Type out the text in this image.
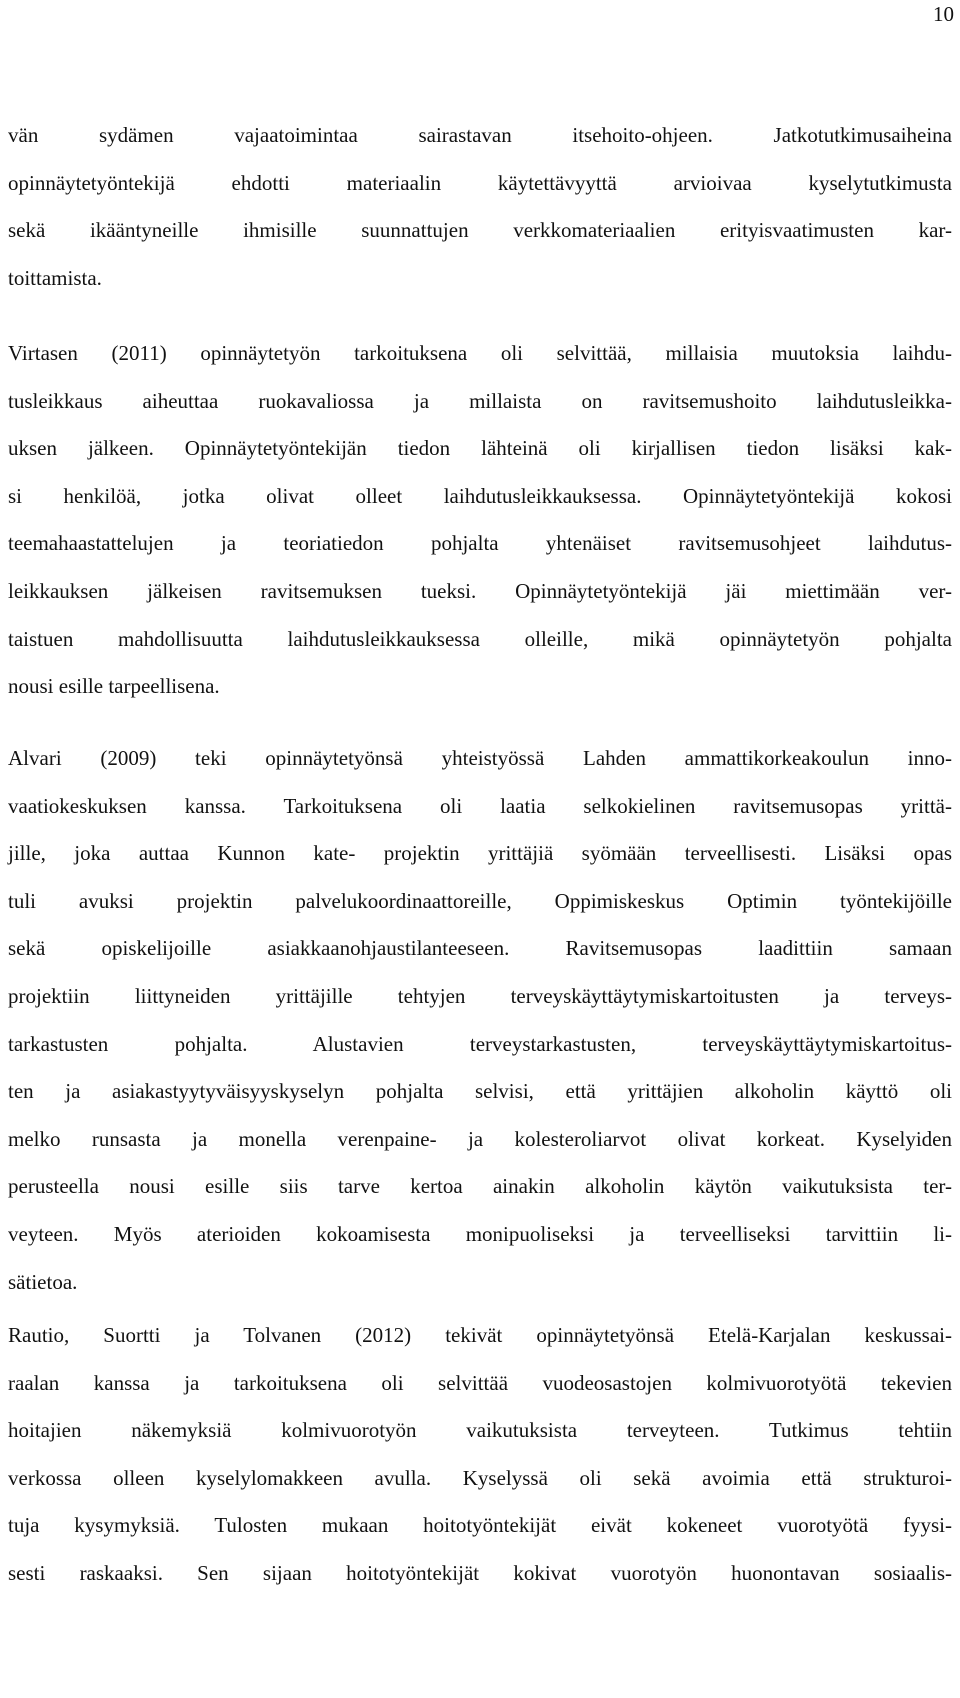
10
vän sydämen vajaatoimintaa sairastavan itsehoito-ohjeen. Jatkotutkimusaiheina
opinnäytetyöntekijä ehdotti materiaalin käytettävyyttä arvioivaa kyselytutkimusta
sekä ikääntyneille ihmisille suunnattujen verkkomateriaalien erityisvaatimusten kar-
toittamista.
Virtasen (2011) opinnäytetyön tarkoituksena oli selvittää, millaisia muutoksia laihdu-
tusleikkaus aiheuttaa ruokavaliossa ja millaista on ravitsemushoito laihdutusleikka-
uksen jälkeen. Opinnäytetyöntekijän tiedon lähteinä oli kirjallisen tiedon lisäksi kak-
si henkilöä, jotka olivat olleet laihdutusleikkauksessa. Opinnäytetyöntekijä kokosi
teemahaastattelujen ja teoriatiedon pohjalta yhtenäiset ravitsemusohjeet laihdutus-
leikkauksen jälkeisen ravitsemuksen tueksi. Opinnäytetyöntekijä jäi miettimään ver-
taistuen mahdollisuutta laihdutusleikkauksessa olleille, mikä opinnäytetyön pohjalta
nousi esille tarpeellisena.
Alvari (2009) teki opinnäytetyönsä yhteistyössä Lahden ammattikorkeakoulun inno-
vaatiokeskuksen kanssa. Tarkoituksena oli laatia selkokielinen ravitsemusopas yrittä-
jille, joka auttaa Kunnon kate- projektin yrittäjiä syömään terveellisesti. Lisäksi opas
tuli avuksi projektin palvelukoordinaattoreille, Oppimiskeskus Optimin työntekijöille
sekä opiskelijoille asiakkaanohjaustilanteeseen. Ravitsemusopas laadittiin samaan
projektiin liittyneiden yrittäjille tehtyjen terveyskäyttäytymiskartoitusten ja terveys-
tarkastusten pohjalta. Alustavien terveystarkastusten, terveyskäyttäytymiskartoitus-
ten ja asiakastyytyväisyyskyselyn pohjalta selvisi, että yrittäjien alkoholin käyttö oli
melko runsasta ja monella verenpaine- ja kolesteroliarvot olivat korkeat. Kyselyiden
perusteella nousi esille siis tarve kertoa ainakin alkoholin käytön vaikutuksista ter-
veyteen. Myös aterioiden kokoamisesta monipuoliseksi ja terveelliseksi tarvittiin li-
sätietoa.
Rautio, Suortti ja Tolvanen (2012) tekivät opinnäytetyönsä Etelä-Karjalan keskussai-
raalan kanssa ja tarkoituksena oli selvittää vuodeosastojen kolmivuorotyötä tekevien
hoitajien näkemyksiä kolmivuorotyön vaikutuksista terveyteen. Tutkimus tehtiin
verkossa olleen kyselylomakkeen avulla. Kyselyssä oli sekä avoimia että strukturoi-
tuja kysymyksiä. Tulosten mukaan hoitotyöntekijät eivät kokeneet vuorotyötä fyysi-
sesti raskaaksi. Sen sijaan hoitotyöntekijät kokivat vuorotyön huonontavan sosiaalis-
